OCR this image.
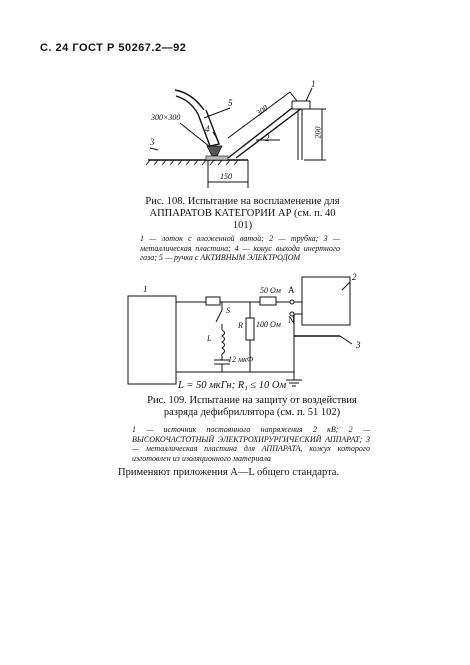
С. 24 ГОСТ Р 50267.2—92
1
2
3
4
5
300×300	300
200
150
Рис. 108. Испытание на воспламенение для АППАРАТОВ КАТЕГОРИИ АР (см. п. 40 101)
1 — лоток с вложенной ватой; 2 — трубка; 3 — металлическая пластина; 4 — конус выхода инертного газа; 5 — ручка с АКТИВНЫМ ЭЛЕКТРОДОМ
1
2
3
S
L
R 100 Ом
12 мкФ
50 Ом A
N
L = 50 мкГн; R₁ ≤ 10 Ом
Рис. 109. Испытание на защиту от воздействия разряда дефибриллятора (см. п. 51 102)
1 — источник постоянного напряжения 2 кВ; 2 — ВЫСОКОЧАСТОТНЫЙ ЭЛЕКТРОХИРУРГИЧЕСКИЙ АППАРАТ; 3 — металлическая пластина для АППАРАТА, кожух которого изготовлен из изоляционного материала
Применяют приложения А—L общего стандарта.
